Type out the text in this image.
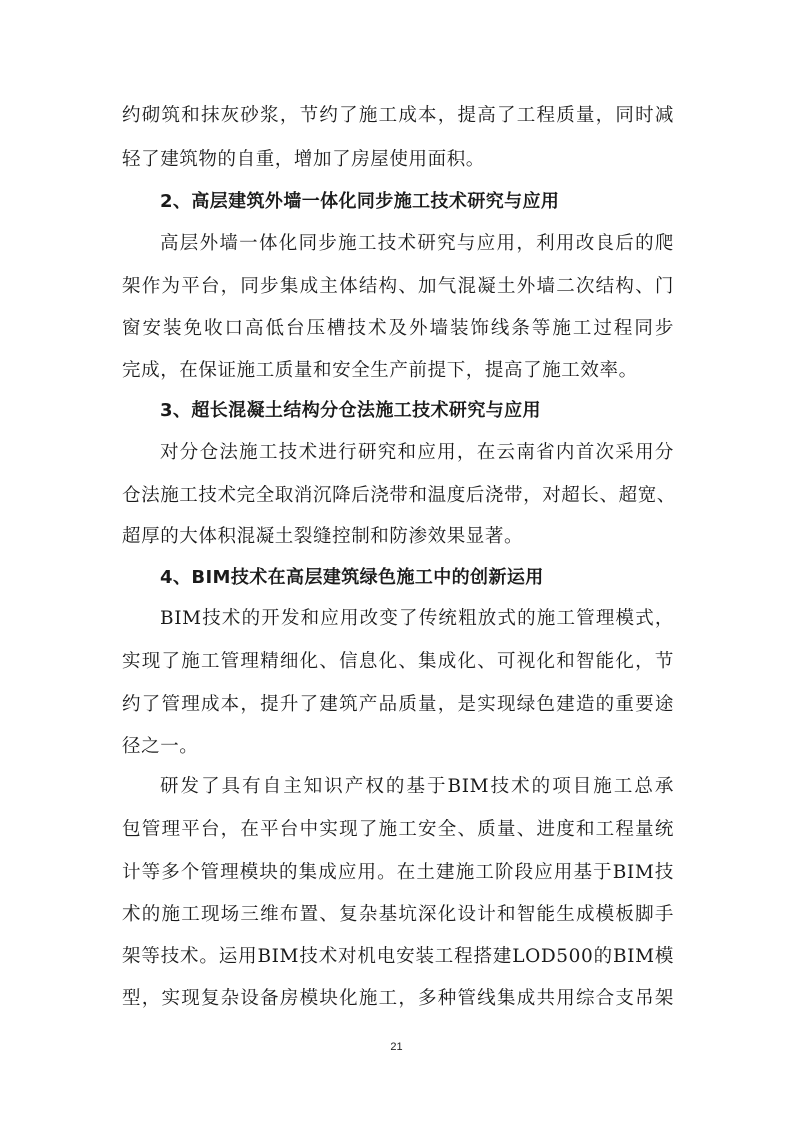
约砌筑和抹灰砂浆，节约了施工成本，提高了工程质量，同时减
轻了建筑物的自重，增加了房屋使用面积。
2、高层建筑外墙一体化同步施工技术研究与应用
高层外墙一体化同步施工技术研究与应用，利用改良后的爬
架作为平台，同步集成主体结构、加气混凝土外墙二次结构、门
窗安装免收口高低台压槽技术及外墙装饰线条等施工过程同步
完成，在保证施工质量和安全生产前提下，提高了施工效率。
3、超长混凝土结构分仓法施工技术研究与应用
对分仓法施工技术进行研究和应用，在云南省内首次采用分
仓法施工技术完全取消沉降后浇带和温度后浇带，对超长、超宽、
超厚的大体积混凝土裂缝控制和防渗效果显著。
4、BIM技术在高层建筑绿色施工中的创新运用
BIM技术的开发和应用改变了传统粗放式的施工管理模式，
实现了施工管理精细化、信息化、集成化、可视化和智能化，节
约了管理成本，提升了建筑产品质量，是实现绿色建造的重要途
径之一。
研发了具有自主知识产权的基于BIM技术的项目施工总承
包管理平台，在平台中实现了施工安全、质量、进度和工程量统
计等多个管理模块的集成应用。在土建施工阶段应用基于BIM技
术的施工现场三维布置、复杂基坑深化设计和智能生成模板脚手
架等技术。运用BIM技术对机电安装工程搭建LOD500的BIM模
型，实现复杂设备房模块化施工，多种管线集成共用综合支吊架
21
